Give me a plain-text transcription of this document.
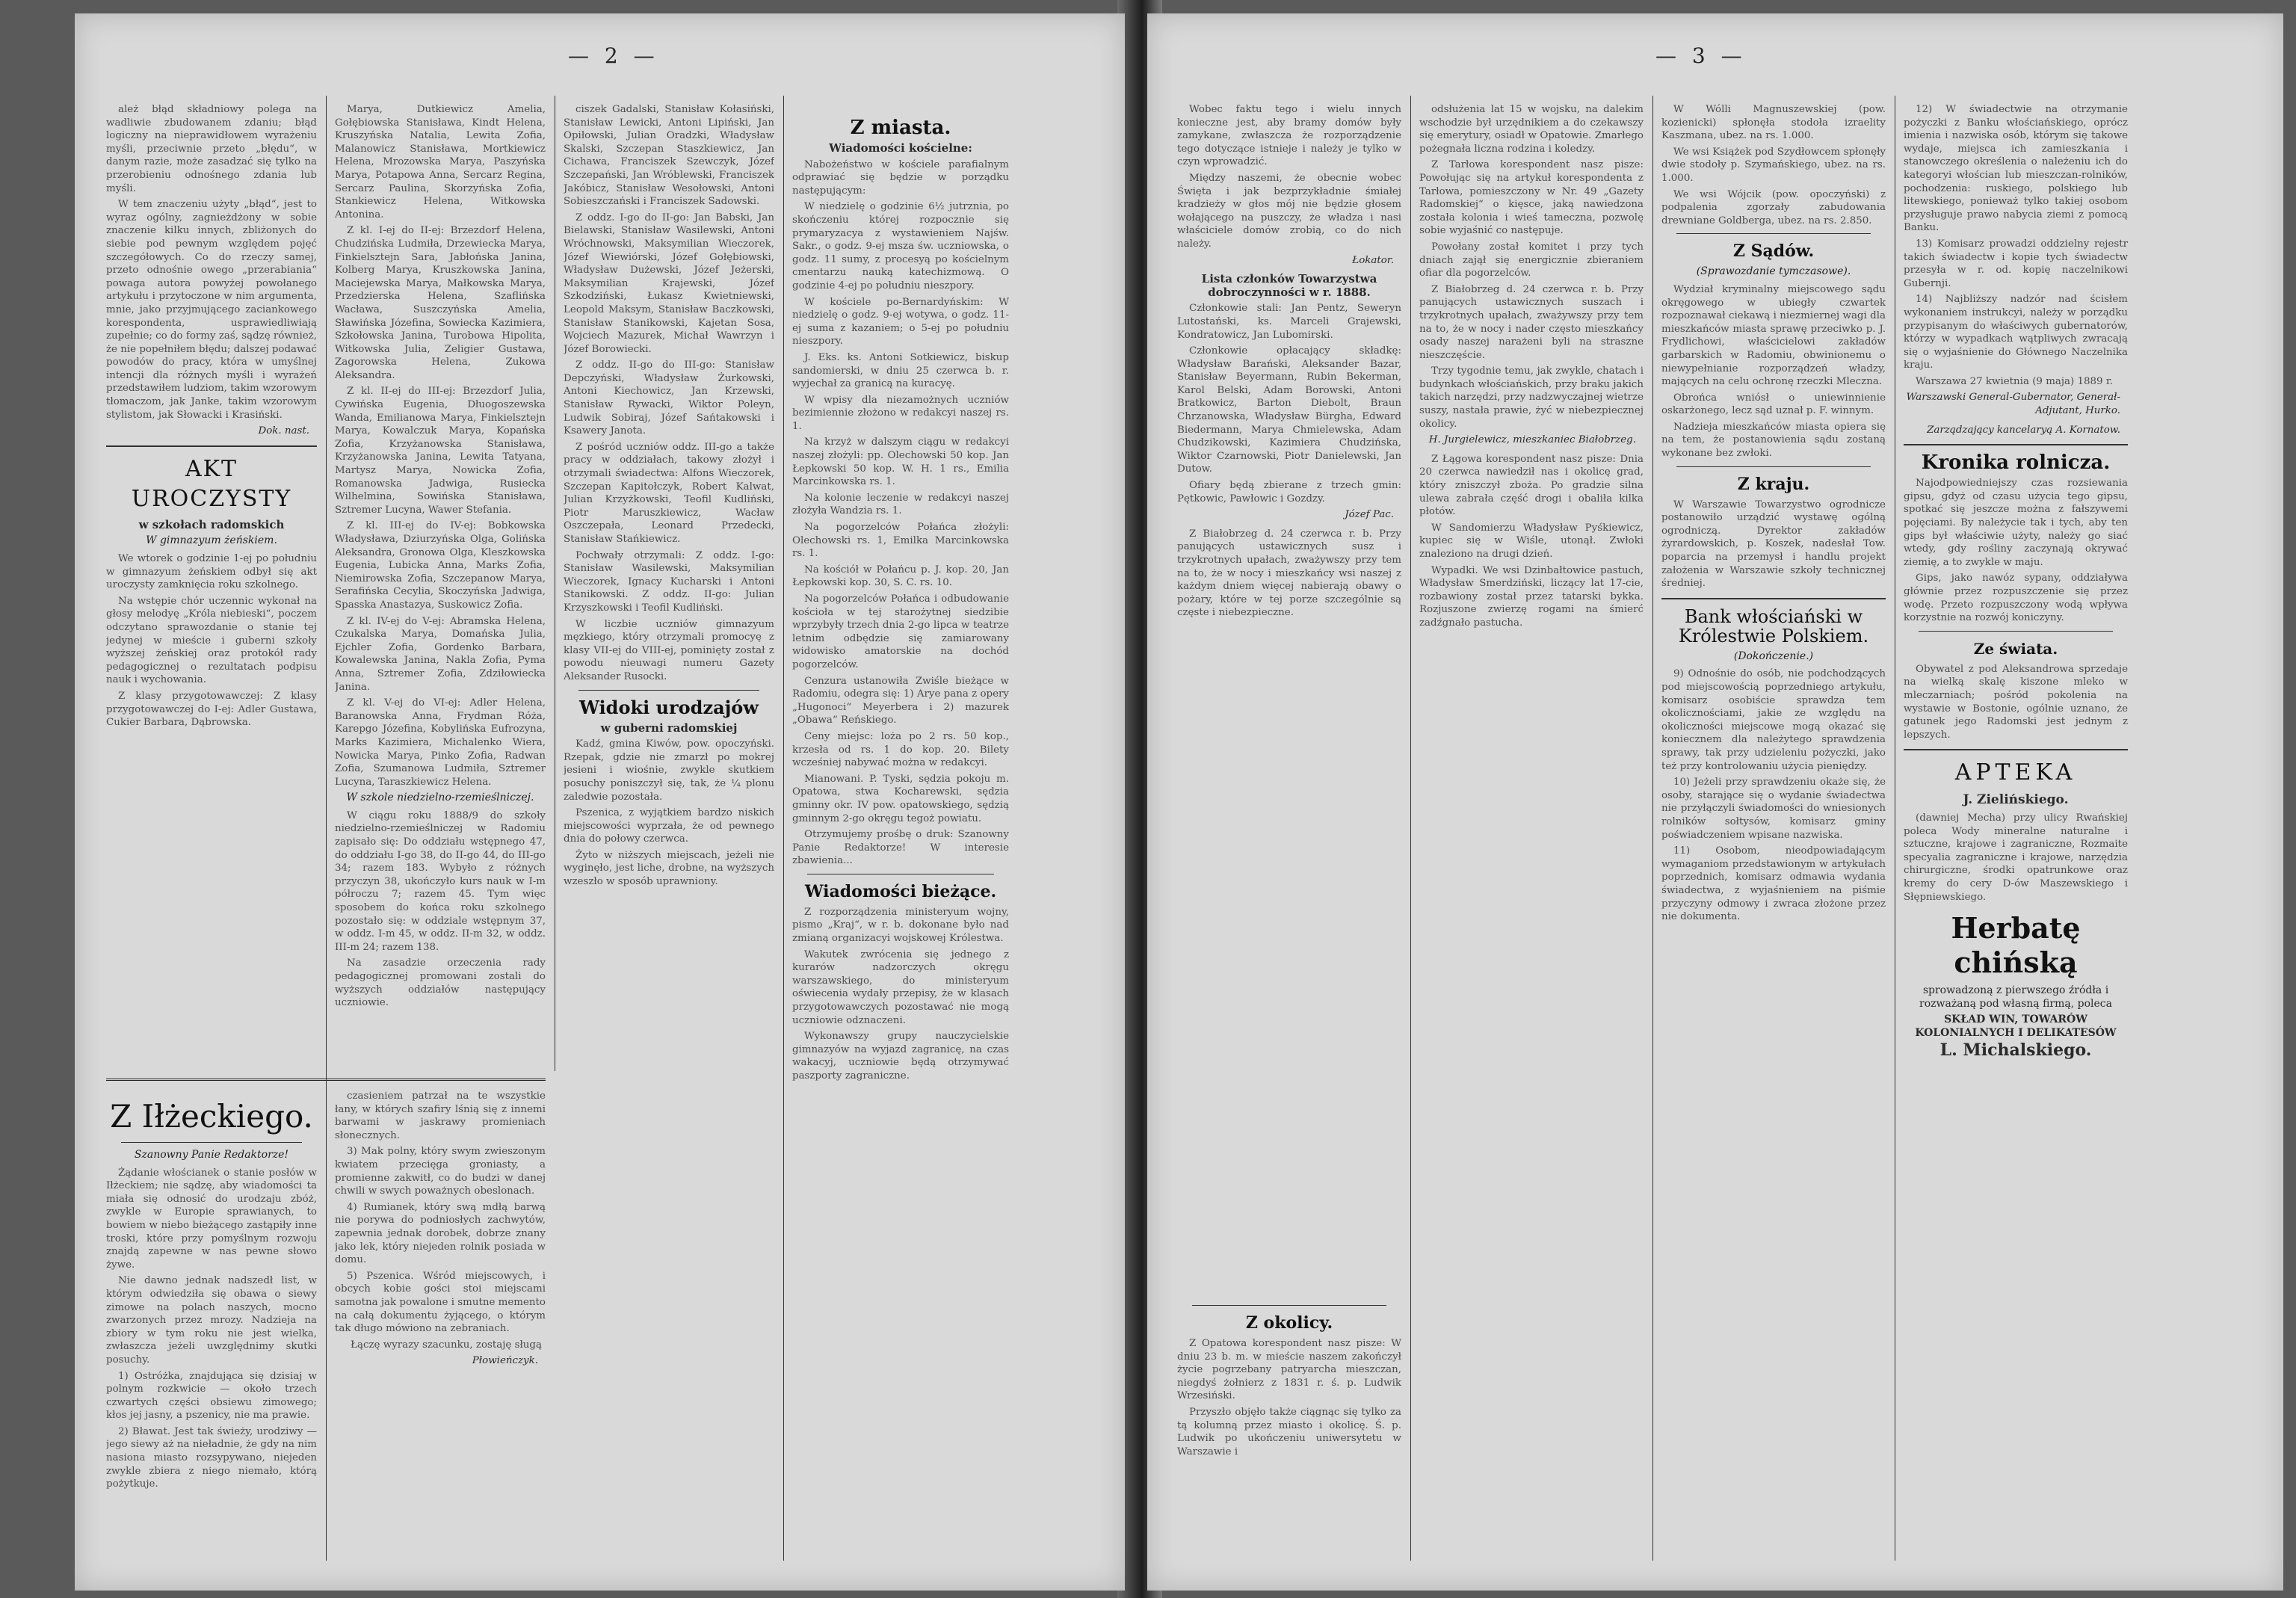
— 2 —

ależ błąd składniowy polega na wadliwie zbudowanem zdaniu; błąd logiczny na nieprawidłowem wyrażeniu myśli, przeciwnie przeto „błędu“, w danym razie, może zasadzać się tylko na przerobieniu odnośnego zdania lub myśli.

W tem znaczeniu użyty „błąd“, jest to wyraz ogólny, zagnieżdżony w sobie znaczenie kilku innych, zbliżonych do siebie pod pewnym względem pojęć szczegółowych. Co do rzeczy samej, przeto odnośnie owego „przerabiania“ powaga autora powyżej powołanego artykułu i przytoczone w nim argumenta, mnie, jako przyjmującego zaciankowego korespondenta, usprawiedliwiają zupełnie; co do formy zaś, sądzę również, że nie popełniłem błędu; dalszej podawać powodów do pracy, która w umyślnej intencji dla różnych myśli i wyrażeń przedstawiłem ludziom, takim wzorowym tłomaczom, jak Janke, takim wzorowym stylistom, jak Słowacki i Krasiński.

Dok. nast.
AKT UROCZYSTY
w szkołach radomskich
W gimnazyum żeńskiem.

We wtorek o godzinie 1-ej po południu w gimnazyum żeńskiem odbył się akt uroczysty zamknięcia roku szkolnego.

Na wstępie chór uczennic wykonał na głosy melodyę „Króla niebieski“, poczem odczytano sprawozdanie o stanie tej jedynej w mieście i guberni szkoły wyższej żeńskiej oraz protokół rady pedagogicznej o rezultatach podpisu nauk i wychowania.

Z klasy przygotowawczej: Z klasy przygotowawczej do I-ej: Adler Gustawa, Cukier Barbara, Dąbrowska.

Marya, Dutkiewicz Amelia, Gołębiowska Stanisława, Kindt Helena, Kruszyńska Natalia, Lewita Zofia, Malanowicz Stanisława, Mortkiewicz Helena, Mrozowska Marya, Paszyńska Marya, Potapowa Anna, Sercarz Regina, Sercarz Paulina, Skorzyńska Zofia, Stankiewicz Helena, Witkowska Antonina.

Z kl. I-ej do II-ej: Brzezdorf Helena, Chudzińska Ludmiła, Drzewiecka Marya, Finkielsztejn Sara, Jabłońska Janina, Kolberg Marya, Kruszkowska Janina, Maciejewska Marya, Małkowska Marya, Przedzierska Helena, Szaflińska Wacława, Suszczyńska Amelia, Sławińska Józefina, Sowiecka Kazimiera, Szkołowska Janina, Turobowa Hipolita, Witkowska Julia, Zeligier Gustawa, Zagorowska Helena, Zukowa Aleksandra.

Z kl. II-ej do III-ej: Brzezdorf Julia, Cywińska Eugenia, Dłuogoszewska Wanda, Emilianowa Marya, Finkielsztejn Marya, Kowalczuk Marya, Kopańska Zofia, Krzyżanowska Stanisława, Krzyżanowska Janina, Lewita Tatyana, Martysz Marya, Nowicka Zofia, Romanowska Jadwiga, Rusiecka Wilhelmina, Sowińska Stanisława, Sztremer Lucyna, Wawer Stefania.

Z kl. III-ej do IV-ej: Bobkowska Władysława, Dziurzyńska Olga, Golińska Aleksandra, Gronowa Olga, Kleszkowska Eugenia, Lubicka Anna, Marks Zofia, Niemirowska Zofia, Szczepanow Marya, Serafińska Cecylia, Skoczyńska Jadwiga, Spasska Anastazya, Suskowicz Zofia.

Z kl. IV-ej do V-ej: Abramska Helena, Czukalska Marya, Domańska Julia, Ejchler Zofia, Gordenko Barbara, Kowalewska Janina, Nakla Zofia, Pyma Anna, Sztremer Zofia, Zdziłowiecka Janina.

Z kl. V-ej do VI-ej: Adler Helena, Baranowska Anna, Frydman Róża, Karepgo Józefina, Kobylińska Eufrozyna, Marks Kazimiera, Michalenko Wiera, Nowicka Marya, Pinko Zofia, Radwan Zofia, Szumanowa Ludmiła, Sztremer Lucyna, Taraszkiewicz Helena.

W szkole niedzielno-rzemieślniczej.

W ciągu roku 1888/9 do szkoły niedzielno-rzemieślniczej w Radomiu zapisało się: Do oddziału wstępnego 47, do oddziału I-go 38, do II-go 44, do III-go 34; razem 183. Wybyło z różnych przyczyn 38, ukończyło kurs nauk w I-m półroczu 7; razem 45. Tym więc sposobem do końca roku szkolnego pozostało się: w oddziale wstępnym 37, w oddz. I-m 45, w oddz. II-m 32, w oddz. III-m 24; razem 138.

Na zasadzie orzeczenia rady pedagogicznej promowani zostali do wyższych oddziałów następujący uczniowie.

ciszek Gadalski, Stanisław Kołasiński, Stanisław Lewicki, Antoni Lipiński, Jan Opiłowski, Julian Oradzki, Władysław Skalski, Szczepan Staszkiewicz, Jan Cichawa, Franciszek Szewczyk, Józef Szczepański, Jan Wróblewski, Franciszek Jakóbicz, Stanisław Wesołowski, Antoni Sobieszczański i Franciszek Sadowski.

Z oddz. I-go do II-go: Jan Babski, Jan Bielawski, Stanisław Wasilewski, Antoni Wróchnowski, Maksymilian Wieczorek, Józef Wiewiórski, Józef Gołębiowski, Władysław Dużewski, Józef Jeżerski, Maksymilian Krajewski, Józef Szkodziński, Łukasz Kwietniewski, Leopold Maksym, Stanisław Baczkowski, Stanisław Stanikowski, Kajetan Sosa, Wojciech Mazurek, Michał Wawrzyn i Józef Borowiecki.

Z oddz. II-go do III-go: Stanisław Depczyński, Władysław Żurkowski, Antoni Kiechowicz, Jan Krzewski, Stanisław Rywacki, Wiktor Poleyn, Ludwik Sobiraj, Józef Sańtakowski i Ksawery Janota.

Z pośród uczniów oddz. III-go a także pracy w oddziałach, takowy złożył i otrzymali świadectwa: Alfons Wieczorek, Szczepan Kapitołczyk, Robert Kalwat, Julian Krzyżkowski, Teofil Kudliński, Piotr Maruszkiewicz, Wacław Oszczepała, Leonard Przedecki, Stanisław Stańkiewicz.

Pochwały otrzymali: Z oddz. I-go: Stanisław Wasilewski, Maksymilian Wieczorek, Ignacy Kucharski i Antoni Stanikowski. Z oddz. II-go: Julian Krzyszkowski i Teofil Kudliński.

W liczbie uczniów gimnazyum męzkiego, który otrzymali promocyę z klasy VII-ej do VIII-ej, pominięty został z powodu nieuwagi numeru Gazety Aleksander Rusocki.

Widoki urodzajów
w guberni radomskiej

Kadź, gmina Kiwów, pow. opoczyński. Rzepak, gdzie nie zmarzł po mokrej jesieni i wiośnie, zwykle skutkiem posuchy poniszczył się, tak, że ¼ plonu zaledwie pozostała.

Pszenica, z wyjątkiem bardzo niskich miejscowości wyprzała, że od pewnego dnia do połowy czerwca.

Żyto w niższych miejscach, jeżeli nie wyginęło, jest liche, drobne, na wyższych wzeszło w sposób uprawniony.

Z miasta.
Wiadomości kościelne:

Nabożeństwo w kościele parafialnym odprawiać się będzie w porządku następującym:

W niedzielę o godzinie 6½ jutrznia, po skończeniu której rozpocznie się prymaryzacya z wystawieniem Najśw. Sakr., o godz. 9-ej msza św. uczniowska, o godz. 11 sumy, z procesyą po kościelnym cmentarzu nauką katechizmową. O godzinie 4-ej po południu nieszpory.

W kościele po-Bernardyńskim: W niedzielę o godz. 9-ej wotywa, o godz. 11-ej suma z kazaniem; o 5-ej po południu nieszpory.

J. Eks. ks. Antoni Sotkiewicz, biskup sandomierski, w dniu 25 czerwca b. r. wyjechał za granicą na kuracyę.

W wpisy dla niezamożnych uczniów bezimiennie złożono w redakcyi naszej rs. 1.

Na krzyż w dalszym ciągu w redakcyi naszej złożyli: pp. Olechowski 50 kop. Jan Łepkowski 50 kop. W. H. 1 rs., Emilia Marcinkowska rs. 1.

Na kolonie leczenie w redakcyi naszej złożyła Wandzia rs. 1.

Na pogorzelców Połańca złożyli: Olechowski rs. 1, Emilka Marcinkowska rs. 1.

Na kościół w Połańcu p. J. kop. 20, Jan Łepkowski kop. 30, S. C. rs. 10.

Na pogorzelców Połańca i odbudowanie kościoła w tej starożytnej siedzibie wprzybyły trzech dnia 2-go lipca w teatrze letnim odbędzie się zamiarowany widowisko amatorskie na dochód pogorzelców.

Cenzura ustanowiła Zwiśle bieżące w Radomiu, odegra się: 1) Arye pana z opery „Hugonoci“ Meyerbera i 2) mazurek „Obawa“ Reńskiego.

Ceny miejsc: loża po 2 rs. 50 kop., krzesła od rs. 1 do kop. 20. Bilety wcześniej nabywać można w redakcyi.

Mianowani. P. Tyski, sędzia pokoju m. Opatowa, stwa Kocharewski, sędzia gminny okr. IV pow. opatowskiego, sędzią gminnym 2-go okręgu tegoż powiatu.

Otrzymujemy prośbę o druk: Szanowny Panie Redaktorze! W interesie zbawienia...

Wiadomości bieżące.

Z rozporządzenia ministeryum wojny, pismo „Kraj“, w r. b. dokonane było nad zmianą organizacyi wojskowej Królestwa.

Wakutek zwrócenia się jednego z kurarów nadzorczych okręgu warszawskiego, do ministeryum oświecenia wydały przepisy, że w klasach przygotowawczych pozostawać nie mogą uczniowie odznaczeni.

Wykonawszy grupy nauczycielskie gimnazyów na wyjazd zagranicę, na czas wakacyj, uczniowie będą otrzymywać paszporty zagraniczne.

Z Iłżeckiego.
Szanowny Panie Redaktorze!

Żądanie włościanek o stanie posłów w Iłżeckiem; nie sądzę, aby wiadomości ta miała się odnosić do urodzaju zbóż, zwykle w Europie sprawianych, to bowiem w niebo bieżącego zastąpiły inne troski, które przy pomyślnym rozwoju znajdą zapewne w nas pewne słowo żywe.

Nie dawno jednak nadszedł list, w którym odwiedziła się obawa o siewy zimowe na polach naszych, mocno zwarzonych przez mrozy. Nadzieja na zbiory w tym roku nie jest wielka, zwłaszcza jeżeli uwzględnimy skutki posuchy.

1) Ostróżka, znajdująca się dzisiaj w polnym rozkwicie — około trzech czwartych części obsiewu zimowego; kłos jej jasny, a pszenicy, nie ma prawie.

2) Bławat. Jest tak świeży, urodziwy — jego siewy aż na nieładnie, że gdy na nim nasiona miasto rozsypywano, niejeden zwykle zbiera z niego niemało, którą pożytkuje.

czasieniem patrzał na te wszystkie łany, w których szafiry lśnią się z innemi barwami w jaskrawy promieniach słonecznych.

3) Mak polny, który swym zwieszonym kwiatem przecięga groniasty, a promienne zakwitł, co do budzi w danej chwili w swych poważnych obeslonach.

4) Rumianek, który swą mdłą barwą nie porywa do podniosłych zachwytów, zapewnia jednak dorobek, dobrze znany jako lek, który niejeden rolnik posiada w domu.

5) Pszenica. Wśród miejscowych, i obcych kobie gości stoi miejscami samotna jak powalone i smutne memento na całą dokumentu żyjącego, o którym tak długo mówiono na zebraniach.

Łączę wyrazy szacunku, zostaję sługą

Płowieńczyk.
— 3 —

Wobec faktu tego i wielu innych konieczne jest, aby bramy domów były zamykane, zwłaszcza że rozporządzenie tego dotyczące istnieje i należy je tylko w czyn wprowadzić.

Między naszemi, że obecnie wobec Święta i jak bezprzykładnie śmiałej kradzieży w głos mój nie będzie głosem wołającego na puszczy, że władza i nasi właściciele domów zrobią, co do nich należy.

Łokator.
Lista członków Towarzystwa dobroczynności w r. 1888.

Członkowie stali: Jan Pentz, Seweryn Lutostański, ks. Marceli Grajewski, Kondratowicz, Jan Lubomirski.

Członkowie opłacający składkę: Władysław Barański, Aleksander Bazar, Stanisław Beyermann, Rubin Bekerman, Karol Belski, Adam Borowski, Antoni Bratkowicz, Barton Diebolt, Braun Chrzanowska, Władysław Bürgha, Edward Biedermann, Marya Chmielewska, Adam Chudzikowski, Kazimiera Chudzińska, Wiktor Czarnowski, Piotr Danielewski, Jan Dutow.

Ofiary będą zbierane z trzech gmin: Pętkowic, Pawłowic i Gozdzy.

Józef Pac.

Z Białobrzeg d. 24 czerwca r. b. Przy panujących ustawicznych susz i trzykrotnych upałach, zważywszy przy tem na to, że w nocy i mieszkańcy wsi naszej z każdym dniem więcej nabierają obawy o pożary, które w tej porze szczególnie są częste i niebezpieczne.

odsłużenia lat 15 w wojsku, na dalekim wschodzie był urzędnikiem a do czekawszy się emerytury, osiadł w Opatowie. Zmarłego pożegnała liczna rodzina i koledzy.

Z Tarłowa korespondent nasz pisze: Powołując się na artykuł korespondenta z Tarłowa, pomieszczony w Nr. 49 „Gazety Radomskiej“ o kięsce, jaką nawiedzona została kolonia i wieś tameczna, pozwolę sobie wyjaśnić co następuje.

Powołany został komitet i przy tych dniach zajął się energicznie zbieraniem ofiar dla pogorzelców.

Z Białobrzeg d. 24 czerwca r. b. Przy panujących ustawicznych suszach i trzykrotnych upałach, zważywszy przy tem na to, że w nocy i nader często mieszkańcy osady naszej narażeni byli na straszne nieszczęście.

Trzy tygodnie temu, jak zwykle, chatach i budynkach włościańskich, przy braku jakich takich narzędzi, przy nadzwyczajnej wietrze suszy, nastała prawie, żyć w niebezpiecznej okolicy.

H. Jurgielewicz, mieszkaniec Białobrzeg.

Z Łągowa korespondent nasz pisze: Dnia 20 czerwca nawiedził nas i okolicę grad, który zniszczył zboża. Po gradzie silna ulewa zabrała część drogi i obaliła kilka płotów.

W Sandomierzu Władysław Pyśkiewicz, kupiec się w Wiśle, utonął. Zwłoki znaleziono na drugi dzień.

Wypadki. We wsi Dzinbałtowice pastuch, Władysław Smerdziński, liczący lat 17-cie, rozbawiony został przez tatarski bykka. Rozjuszone zwierzę rogami na śmierć zadźgnało pastucha.

Z okolicy.

Z Opatowa korespondent nasz pisze: W dniu 23 b. m. w mieście naszem zakończył życie pogrzebany patryarcha mieszczan, niegdyś żołnierz z 1831 r. ś. p. Ludwik Wrzesiński.

Przyszło objęło także ciągnąc się tylko za tą kolumną przez miasto i okolicę. Ś. p. Ludwik po ukończeniu uniwersytetu w Warszawie i

W Wólli Magnuszewskiej (pow. kozienicki) spłonęła stodoła izraelity Kaszmana, ubez. na rs. 1.000.

We wsi Książek pod Szydłowcem spłonęły dwie stodoły p. Szymańskiego, ubez. na rs. 1.000.

We wsi Wójcik (pow. opoczyński) z podpalenia zgorzały zabudowania drewniane Goldberga, ubez. na rs. 2.850.

Z Sądów.
(Sprawozdanie tymczasowe).

Wydział kryminalny miejscowego sądu okręgowego w ubiegły czwartek rozpoznawał ciekawą i niezmiernej wagi dla mieszkańców miasta sprawę przeciwko p. J. Frydlichowi, właścicielowi zakładów garbarskich w Radomiu, obwinionemu o niewypełnianie rozporządzeń władzy, mających na celu ochronę rzeczki Mleczna.

Obrońca wniósł o uniewinnienie oskarżonego, lecz sąd uznał p. F. winnym.

Nadzieja mieszkańców miasta opiera się na tem, że postanowienia sądu zostaną wykonane bez zwłoki.

Z kraju.

W Warszawie Towarzystwo ogrodnicze postanowiło urządzić wystawę ogólną ogrodniczą. Dyrektor zakładów żyrardowskich, p. Koszek, nadesłał Tow. poparcia na przemysł i handlu projekt założenia w Warszawie szkoły technicznej średniej.

Bank włościański w Królestwie Polskiem.
(Dokończenie.)

9) Odnośnie do osób, nie podchodzących pod miejscowością poprzedniego artykułu, komisarz osobiście sprawdza tem okolicznościami, jakie ze względu na okoliczności miejscowe mogą okazać się koniecznem dla należytego sprawdzenia sprawy, tak przy udzieleniu pożyczki, jako też przy kontrolowaniu użycia pieniędzy.

10) Jeżeli przy sprawdzeniu okaże się, że osoby, starające się o wydanie świadectwa nie przyłączyli świadomości do wniesionych rolników sołtysów, komisarz gminy poświadczeniem wpisane nazwiska.

11) Osobom, nieodpowiadającym wymaganiom przedstawionym w artykułach poprzednich, komisarz odmawia wydania świadectwa, z wyjaśnieniem na piśmie przyczyny odmowy i zwraca złożone przez nie dokumenta.

12) W świadectwie na otrzymanie pożyczki z Banku włościańskiego, oprócz imienia i nazwiska osób, którym się takowe wydaje, miejsca ich zamieszkania i stanowczego określenia o należeniu ich do kategoryi włościan lub mieszczan-rolników, pochodzenia: ruskiego, polskiego lub litewskiego, ponieważ tylko takiej osobom przysługuje prawo nabycia ziemi z pomocą Banku.

13) Komisarz prowadzi oddzielny rejestr takich świadectw i kopie tych świadectw przesyła w r. od. kopię naczelnikowi Gubernji.

14) Najbliższy nadzór nad ścisłem wykonaniem instrukcyi, należy w porządku przypisanym do właściwych gubernatorów, którzy w wypadkach wątpliwych zwracają się o wyjaśnienie do Głównego Naczelnika kraju.

Warszawa 27 kwietnia (9 maja) 1889 r.

Warszawski General-Gubernator, Generał-Adjutant, Hurko.
Zarządzający kancelaryą A. Kornatow.
Kronika rolnicza.

Najodpowiedniejszy czas rozsiewania gipsu, gdyż od czasu użycia tego gipsu, spotkać się jeszcze można z fałszywemi pojęciami. By należycie tak i tych, aby ten gips był właściwie użyty, należy go siać wtedy, gdy rośliny zaczynają okrywać ziemię, a to zwykle w maju.

Gips, jako nawóz sypany, oddziaływa głównie przez rozpuszczenie się przez wodę. Przeto rozpuszczony wodą wpływa korzystnie na rozwój koniczyny.

Ze świata.

Obywatel z pod Aleksandrowa sprzedaje na wielką skalę kiszone mleko w mleczarniach; pośród pokolenia na wystawie w Bostonie, ogólnie uznano, że gatunek jego Radomski jest jednym z lepszych.

APTEKA
J. Zielińskiego.

(dawniej Mecha) przy ulicy Rwańskiej poleca Wody mineralne naturalne i sztuczne, krajowe i zagraniczne, Rozmaite specyalia zagraniczne i krajowe, narzędzia chirurgiczne, środki opatrunkowe oraz kremy do cery D-ów Maszewskiego i Słępniewskiego.

Herbatę chińską
sprowadzoną z pierwszego źródła i rozważaną pod własną firmą, poleca
SKŁAD WIN, TOWARÓW KOLONIALNYCH I DELIKATESÓW
L. Michalskiego.
